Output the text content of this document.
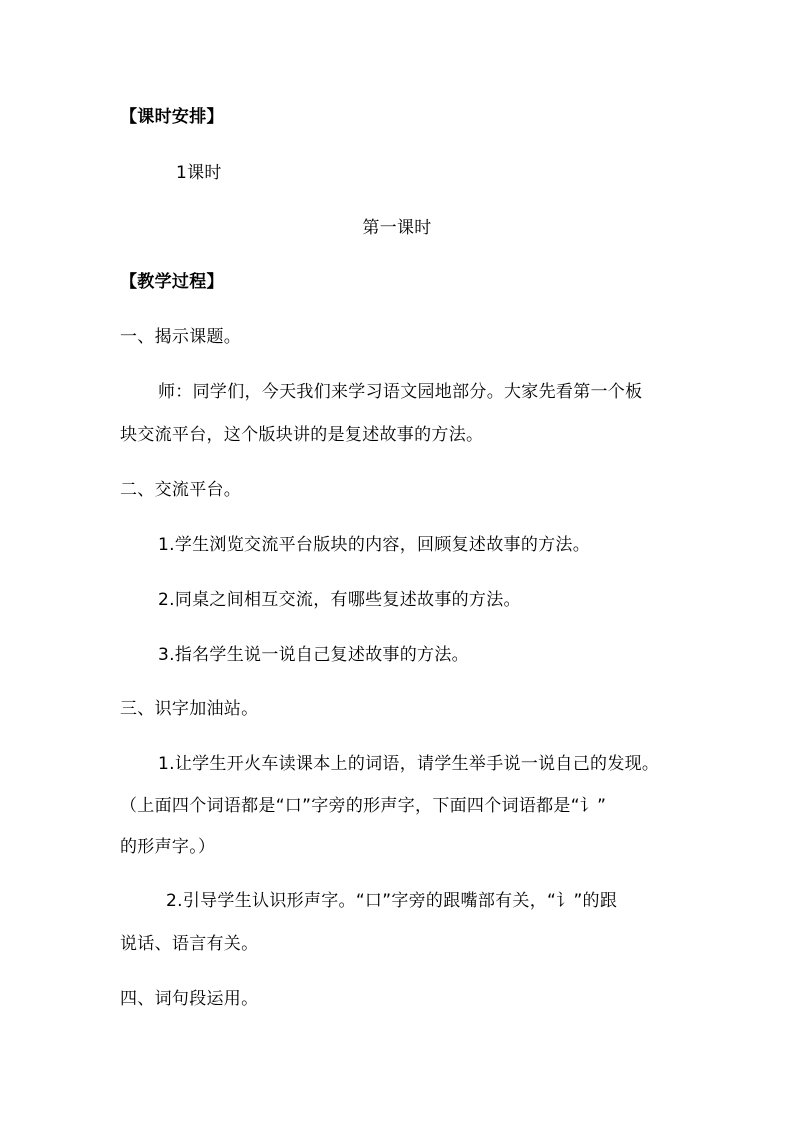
【课时安排】
1课时
第一课时
【教学过程】
一、揭示课题。
师：同学们，今天我们来学习语文园地部分。大家先看第一个板
块交流平台，这个版块讲的是复述故事的方法。
二、交流平台。
1.学生浏览交流平台版块的内容，回顾复述故事的方法。
2.同桌之间相互交流，有哪些复述故事的方法。
3.指名学生说一说自己复述故事的方法。
三、识字加油站。
1.让学生开火车读课本上的词语，请学生举手说一说自己的发现。
（上面四个词语都是“口”字旁的形声字，下面四个词语都是“讠”
的形声字。）
2.引导学生认识形声字。“口”字旁的跟嘴部有关，“讠”的跟
说话、语言有关。
四、词句段运用。
